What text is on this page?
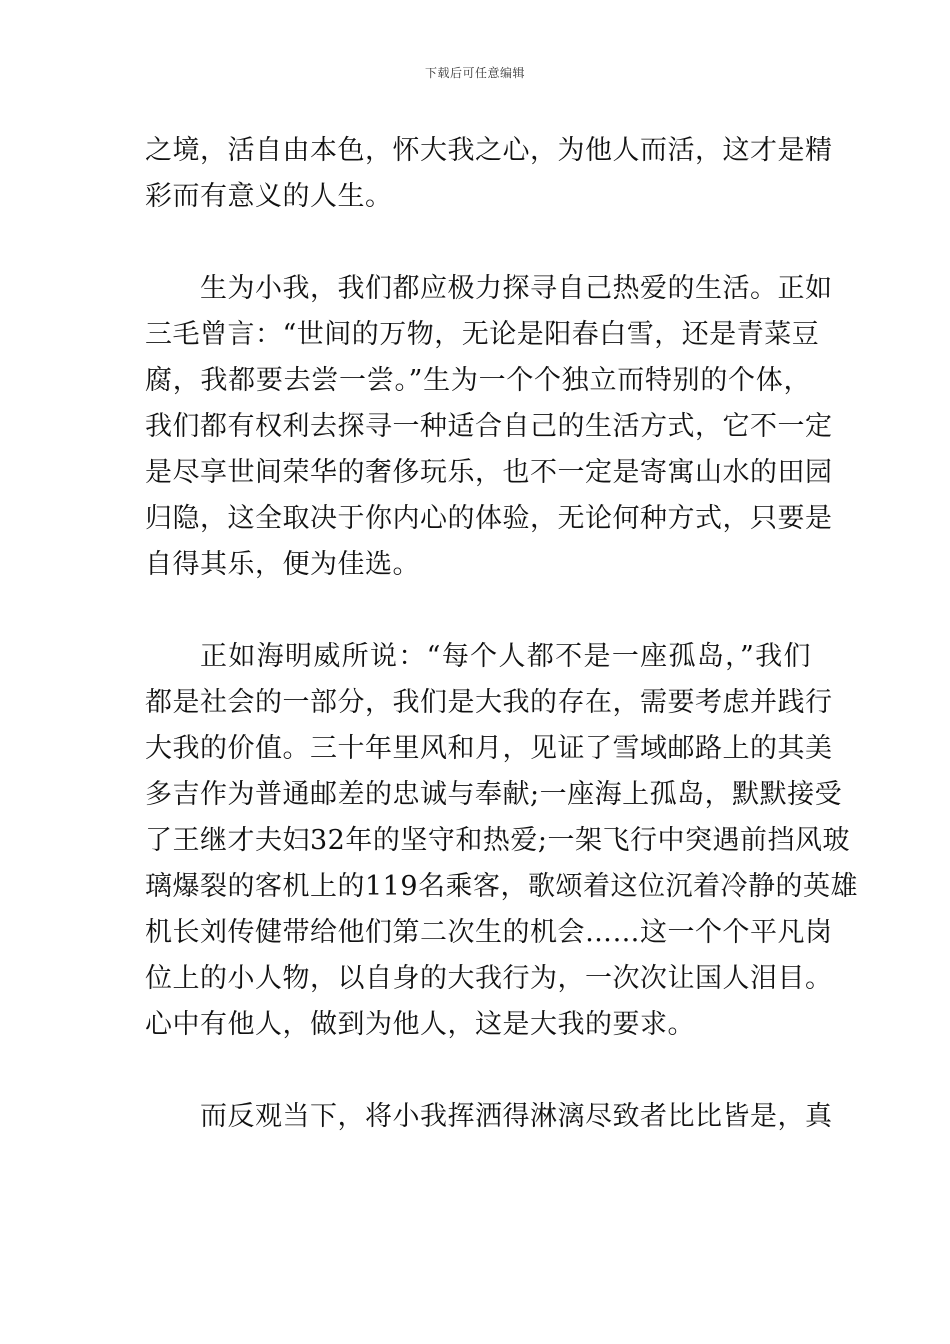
下载后可任意编辑
之境，活自由本色，怀大我之心，为他人而活，这才是精
彩而有意义的人生。
生为小我，我们都应极力探寻自己热爱的生活。正如
三毛曾言：“世间的万物，无论是阳春白雪，还是青菜豆
腐，我都要去尝一尝。”生为一个个独立而特别的个体，
我们都有权利去探寻一种适合自己的生活方式，它不一定
是尽享世间荣华的奢侈玩乐，也不一定是寄寓山水的田园
归隐，这全取决于你内心的体验，无论何种方式，只要是
自得其乐，便为佳选。
正如海明威所说：“每个人都不是一座孤岛，”我们
都是社会的一部分，我们是大我的存在，需要考虑并践行
大我的价值。三十年里风和月，见证了雪域邮路上的其美
多吉作为普通邮差的忠诚与奉献;一座海上孤岛，默默接受
了王继才夫妇32年的坚守和热爱;一架飞行中突遇前挡风玻
璃爆裂的客机上的119名乘客，歌颂着这位沉着冷静的英雄
机长刘传健带给他们第二次生的机会……这一个个平凡岗
位上的小人物，以自身的大我行为，一次次让国人泪目。
心中有他人，做到为他人，这是大我的要求。
而反观当下，将小我挥洒得淋漓尽致者比比皆是，真
